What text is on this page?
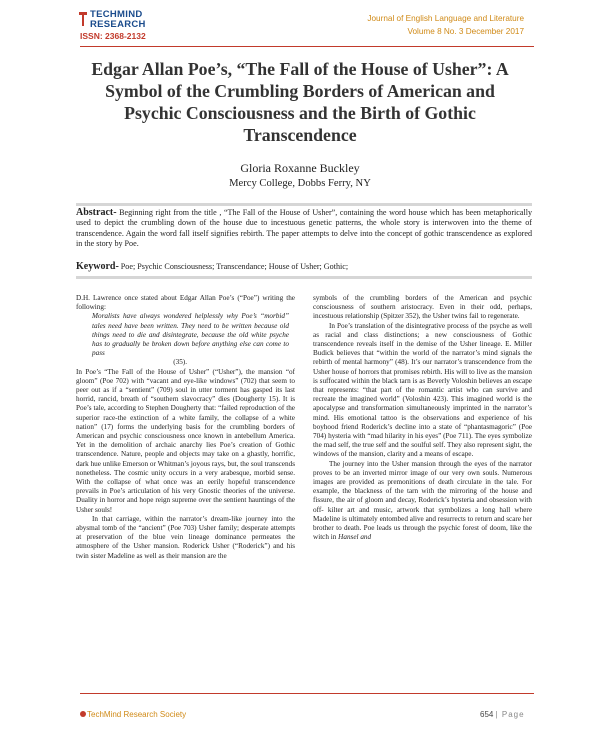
TECHMIND
RESEARCH
ISSN: 2368-2132
Journal of English Language and Literature
Volume 8 No. 3 December 2017
Edgar Allan Poe’s, “The Fall of the House of Usher”: A Symbol of the Crumbling Borders of American and Psychic Consciousness and the Birth of Gothic Transcendence
Gloria Roxanne Buckley
Mercy College, Dobbs Ferry, NY
Abstract- Beginning right from the title , “The Fall of the House of Usher”, containing the word house which has been metaphorically used to depict the crumbling down of the house due to incestuous genetic patterns, the whole story is interwoven into the theme of transcendence. Again the word fall itself signifies rebirth. The paper attempts to delve into the concept of gothic transcendence as explored in the story by Poe.
Keyword- Poe; Psychic Consciousness; Transcendance; House of Usher; Gothic;

D.H. Lawrence once stated about Edgar Allan Poe’s (“Poe”) writing the following:

Moralists have always wondered helplessly why Poe’s “morbid” tales need have been written. They need to be written because old things need to die and disintegrate, because the old white psyche has to gradually be broken down before anything else can come to pass

(35).

In Poe’s “The Fall of the House of Usher” (“Usher”), the mansion “of gloom” (Poe 702) with “vacant and eye-like windows” (702) that seem to peer out as if a “sentient” (709) soul in utter torment has gasped its last horrid, rancid, breath of “southern slavocracy” dies (Dougherty 15). It is Poe’s tale, according to Stephen Dougherty that: “failed reproduction of the superior race-the extinction of a white family, the collapse of a white nation” (17) forms the underlying basis for the crumbling borders of American and psychic consciousness once known in antebellum America. Yet in the demolition of archaic anarchy lies Poe’s creation of Gothic transcendence. Nature, people and objects may take on a ghastly, horrific, dark hue unlike Emerson or Whitman’s joyous rays, but, the soul transcends nonetheless. The cosmic unity occurs in a very arabesque, morbid sense. With the collapse of what once was an eerily hopeful transcendence prevails in Poe’s articulation of his very Gnostic theories of the universe. Duality in horror and hope reign supreme over the sentient hauntings of the Usher souls!

In that carriage, within the narrator’s dream-like journey into the abysmal tomb of the “ancient” (Poe 703) Usher family; desperate attempts at preservation of the blue vein lineage dominance permeates the atmosphere of the Usher mansion. Roderick Usher (“Roderick”) and his twin sister Madeline as well as their mansion are the

symbols of the crumbling borders of the American and psychic consciousness of southern aristocracy. Even in their odd, perhaps, incestuous relationship (Spitzer 352), the Usher twins fail to regenerate.

In Poe’s translation of the disintegrative process of the psyche as well as racial and class distinctions; a new consciousness of Gothic transcendence reveals itself in the demise of the Usher lineage. E. Miller Budick believes that “within the world of the narrator’s mind signals the rebirth of mental harmony” (48). It’s our narrator’s transcendence from the Usher house of horrors that promises rebirth. His will to live as the mansion is suffocated within the black tarn is as Beverly Voloshin believes an escape that represents: “that part of the romantic artist who can survive and recreate the imagined world” (Voloshin 423). This imagined world is the apocalypse and transformation simultaneously imprinted in the narrator’s mind. His emotional tattoo is the observations and experience of his boyhood friend Roderick’s decline into a state of “phantasmagoric” (Poe 704) hysteria with “mad hilarity in his eyes” (Poe 711). The eyes symbolize the mad self, the true self and the soulful self. They also represent sight, the windows of the mansion, clarity and a means of escape.

The journey into the Usher mansion through the eyes of the narrator proves to be an inverted mirror image of our very own souls. Numerous images are provided as premonitions of death circulate in the tale. For example, the blackness of the tarn with the mirroring of the house and fissure, the air of gloom and decay, Roderick’s hysteria and obsession with off- kilter art and music, artwork that symbolizes a long hall where Madeline is ultimately entombed alive and resurrects to return and scare her brother to death. Poe leads us through the psychic forest of doom, like the witch in Hansel and

TechMind Research Society	654 | Page
